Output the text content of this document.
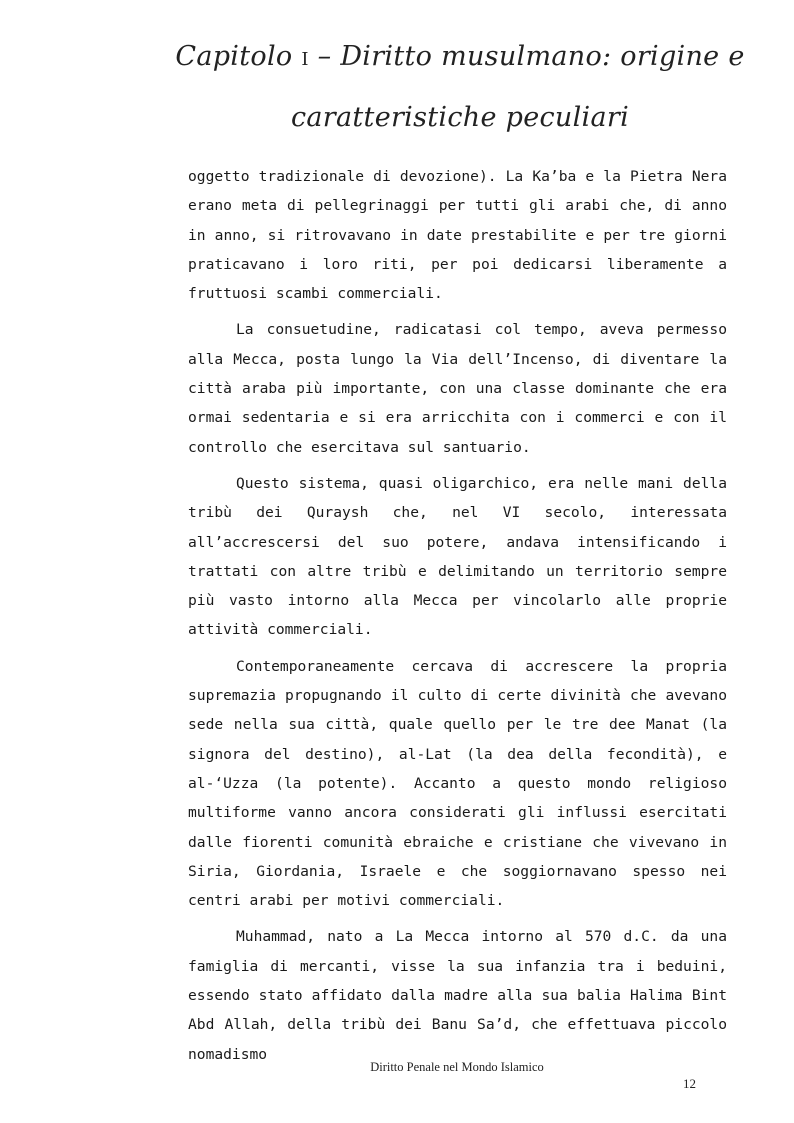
Capitolo I – Diritto musulmano: origine e
caratteristiche peculiari

oggetto tradizionale di devozione). La Ka’ba e la Pietra Nera erano meta di pellegrinaggi per tutti gli arabi che, di anno in anno, si ritrovavano in date prestabilite e per tre giorni praticavano i loro riti, per poi dedicarsi liberamente a fruttuosi scambi commerciali.

La consuetudine, radicatasi col tempo, aveva permesso alla Mecca, posta lungo la Via dell’Incenso, di diventare la città araba più importante, con una classe dominante che era ormai sedentaria e si era arricchita con i commerci e con il controllo che esercitava sul santuario.

Questo sistema, quasi oligarchico, era nelle mani della tribù dei Quraysh che, nel VI secolo, interessata all’accrescersi del suo potere, andava intensificando i trattati con altre tribù e delimitando un territorio sempre più vasto intorno alla Mecca per vincolarlo alle proprie attività commerciali.

Contemporaneamente cercava di accrescere la propria supremazia propugnando il culto di certe divinità che avevano sede nella sua città, quale quello per le tre dee Manat (la signora del destino), al-Lat (la dea della fecondità), e al-‘Uzza (la potente). Accanto a questo mondo religioso multiforme vanno ancora considerati gli influssi esercitati dalle fiorenti comunità ebraiche e cristiane che vivevano in Siria, Giordania, Israele e che soggiornavano spesso nei centri arabi per motivi commerciali.

Muhammad, nato a La Mecca intorno al 570 d.C. da una famiglia di mercanti, visse la sua infanzia tra i beduini, essendo stato affidato dalla madre alla sua balia Halima Bint Abd Allah, della tribù dei Banu Sa’d, che effettuava piccolo nomadismo

Diritto Penale nel Mondo Islamico
12
